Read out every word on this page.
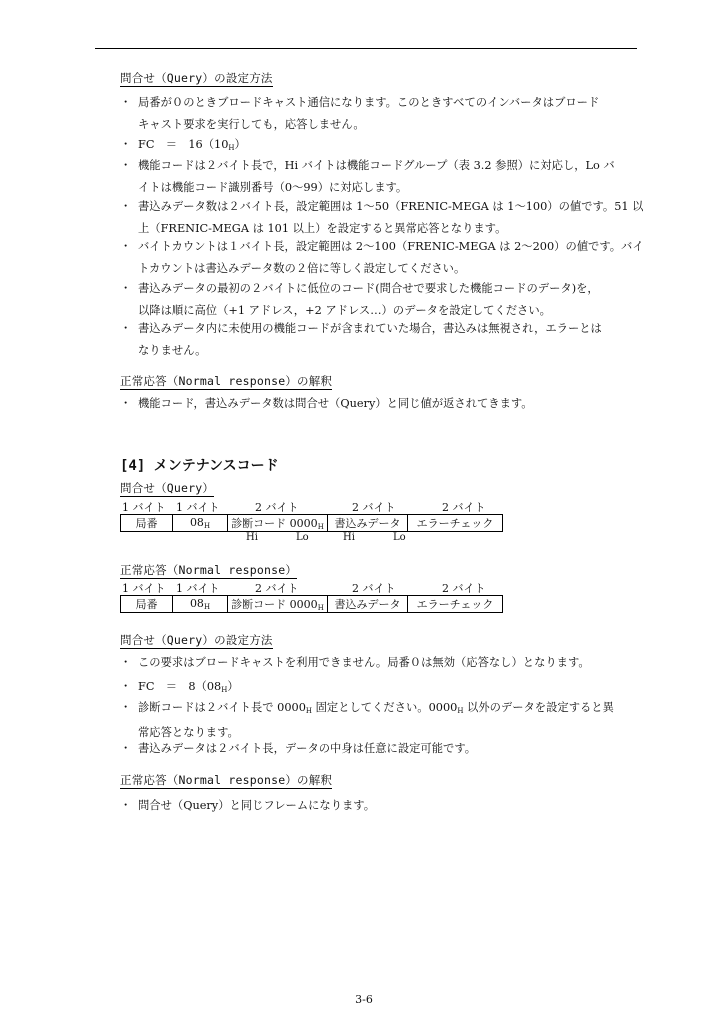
問合せ（Query）の設定方法
・ 局番が０のときブロードキャスト通信になります。このときすべてのインバータはブロード
キャスト要求を実行しても，応答しません。
・ FC　＝　$16(10_H)$
・ 機能コードは２バイト長で，Hi バイトは機能コードグループ（表 3.2 参照）に対応し，Lo バ
イトは機能コード識別番号（0～99）に対応します。
・ 書込みデータ数は２バイト長，設定範囲は 1～50（FRENIC-MEGA は 1～100）の値です。51 以
上（FRENIC-MEGA は 101 以上）を設定すると異常応答となります。
・ バイトカウントは１バイト長，設定範囲は 2～100（FRENIC-MEGA は 2～200）の値です。バイ
トカウントは書込みデータ数の２倍に等しく設定してください。
・ 書込みデータの最初の２バイトに低位のコード(問合せで要求した機能コードのデータ)を，
以降は順に高位（+1 アドレス，+2 アドレス…）のデータを設定してください。
・ 書込みデータ内に未使用の機能コードが含まれていた場合，書込みは無視され，エラーとは
なりません。
正常応答（Normal response）の解釈
・ 機能コード，書込みデータ数は問合せ（Query）と同じ値が返されてきます。
[4] メンテナンスコード
問合せ（Query）
1 バイト 1 バイト	2 バイト	2 バイト	2 バイト
局番	$08_H$	診断コード $0000_H$	書込みデータ	エラーチェック
Hi	Lo	Hi	Lo
正常応答（Normal response）
1 バイト 1 バイト	2 バイト	2 バイト	2 バイト
局番	$08_H$	診断コード $0000_H$	書込みデータ	エラーチェック
問合せ（Query）の設定方法
・ この要求はブロードキャストを利用できません。局番０は無効（応答なし）となります。
・ FC　＝　$8(08_H)$
・ 診断コードは２バイト長で $0000_H$ 固定としてください。$0000_H$ 以外のデータを設定すると異
常応答となります。
・ 書込みデータは２バイト長，データの中身は任意に設定可能です。
正常応答（Normal response）の解釈
・ 問合せ（Query）と同じフレームになります。
3-6
